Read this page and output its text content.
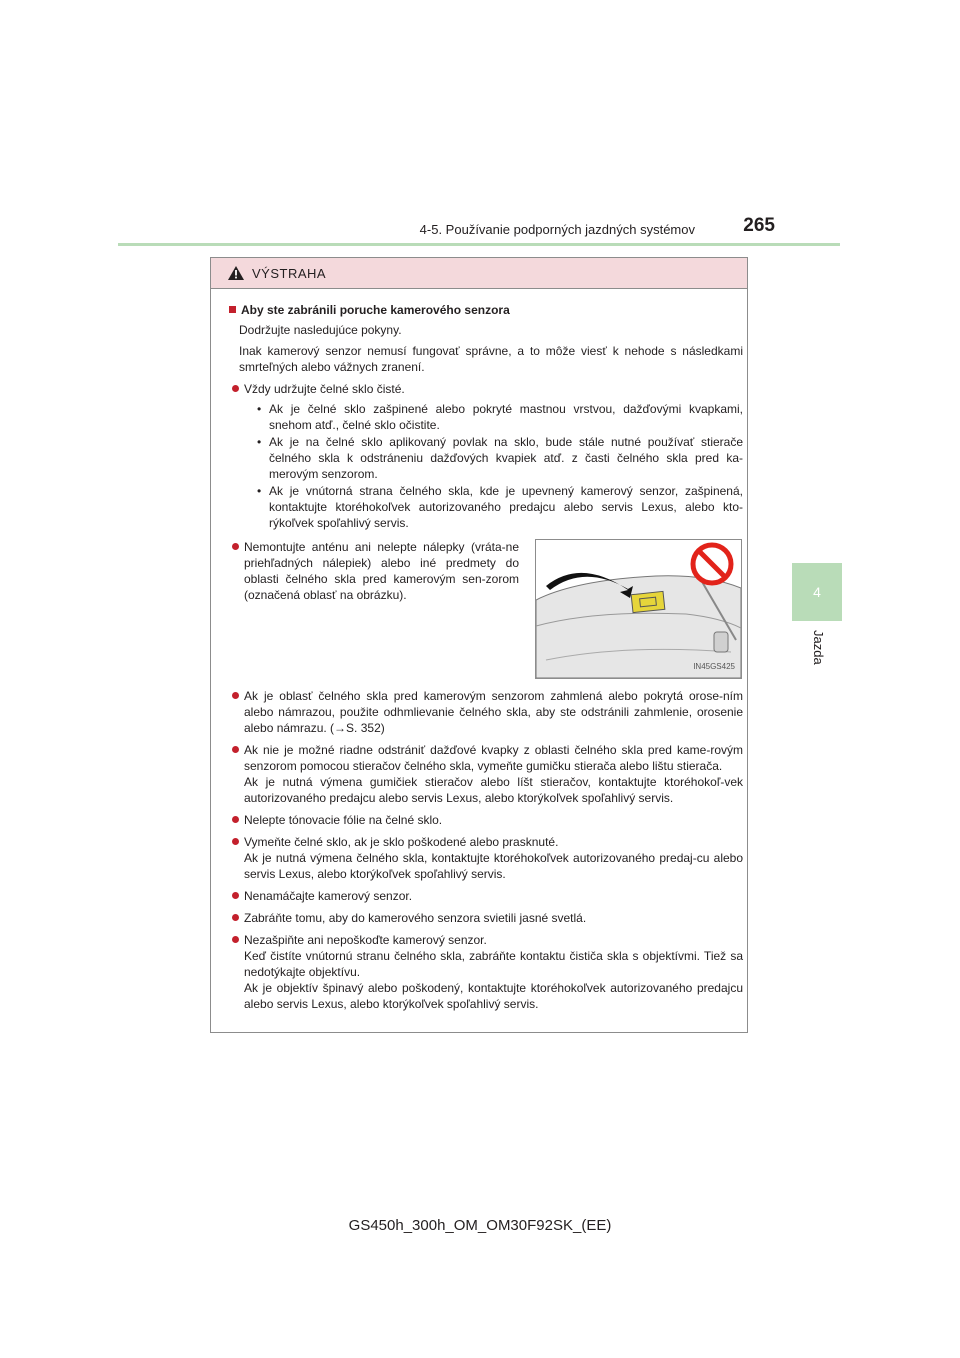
4-5. Používanie podporných jazdných systémov	265
4
Jazda
VÝSTRAHA
Aby ste zabránili poruche kamerového senzora
Dodržujte nasledujúce pokyny.
Inak kamerový senzor nemusí fungovať správne, a to môže viesť k nehode s následkami smrteľných alebo vážnych zranení.
Vždy udržujte čelné sklo čisté.
• Ak je čelné sklo zašpinené alebo pokryté mastnou vrstvou, dažďovými kvapkami, snehom atď., čelné sklo očistite.
• Ak je na čelné sklo aplikovaný povlak na sklo, bude stále nutné používať stierače čelného skla k odstráneniu dažďových kvapiek atď. z časti čelného skla pred ka-merovým senzorom.
• Ak je vnútorná strana čelného skla, kde je upevnený kamerový senzor, zašpinená, kontaktujte ktoréhokoľvek autorizovaného predajcu alebo servis Lexus, alebo kto-rýkoľvek spoľahlivý servis.
Nemontujte anténu ani nelepte nálepky (vráta-ne priehľadných nálepiek) alebo iné predmety do oblasti čelného skla pred kamerovým sen-zorom (označená oblasť na obrázku).
IN45GS425
Ak je oblasť čelného skla pred kamerovým senzorom zahmlená alebo pokrytá orose-ním alebo námrazou, použite odhmlievanie čelného skla, aby ste odstránili zahmlenie, orosenie alebo námrazu. (→S. 352)
Ak nie je možné riadne odstrániť dažďové kvapky z oblasti čelného skla pred kame-rovým senzorom pomocou stieračov čelného skla, vymeňte gumičku stierača alebo lištu stierača.
Ak je nutná výmena gumičiek stieračov alebo líšt stieračov, kontaktujte ktoréhokoľ-vek autorizovaného predajcu alebo servis Lexus, alebo ktorýkoľvek spoľahlivý servis.
Nelepte tónovacie fólie na čelné sklo.
Vymeňte čelné sklo, ak je sklo poškodené alebo prasknuté.
Ak je nutná výmena čelného skla, kontaktujte ktoréhokoľvek autorizovaného predaj-cu alebo servis Lexus, alebo ktorýkoľvek spoľahlivý servis.
Nenamáčajte kamerový senzor.
Zabráňte tomu, aby do kamerového senzora svietili jasné svetlá.
Nezašpiňte ani nepoškoďte kamerový senzor.
Keď čistíte vnútornú stranu čelného skla, zabráňte kontaktu čističa skla s objektívmi. Tiež sa nedotýkajte objektívu.
Ak je objektív špinavý alebo poškodený, kontaktujte ktoréhokoľvek autorizovaného predajcu alebo servis Lexus, alebo ktorýkoľvek spoľahlivý servis.
GS450h_300h_OM_OM30F92SK_(EE)
